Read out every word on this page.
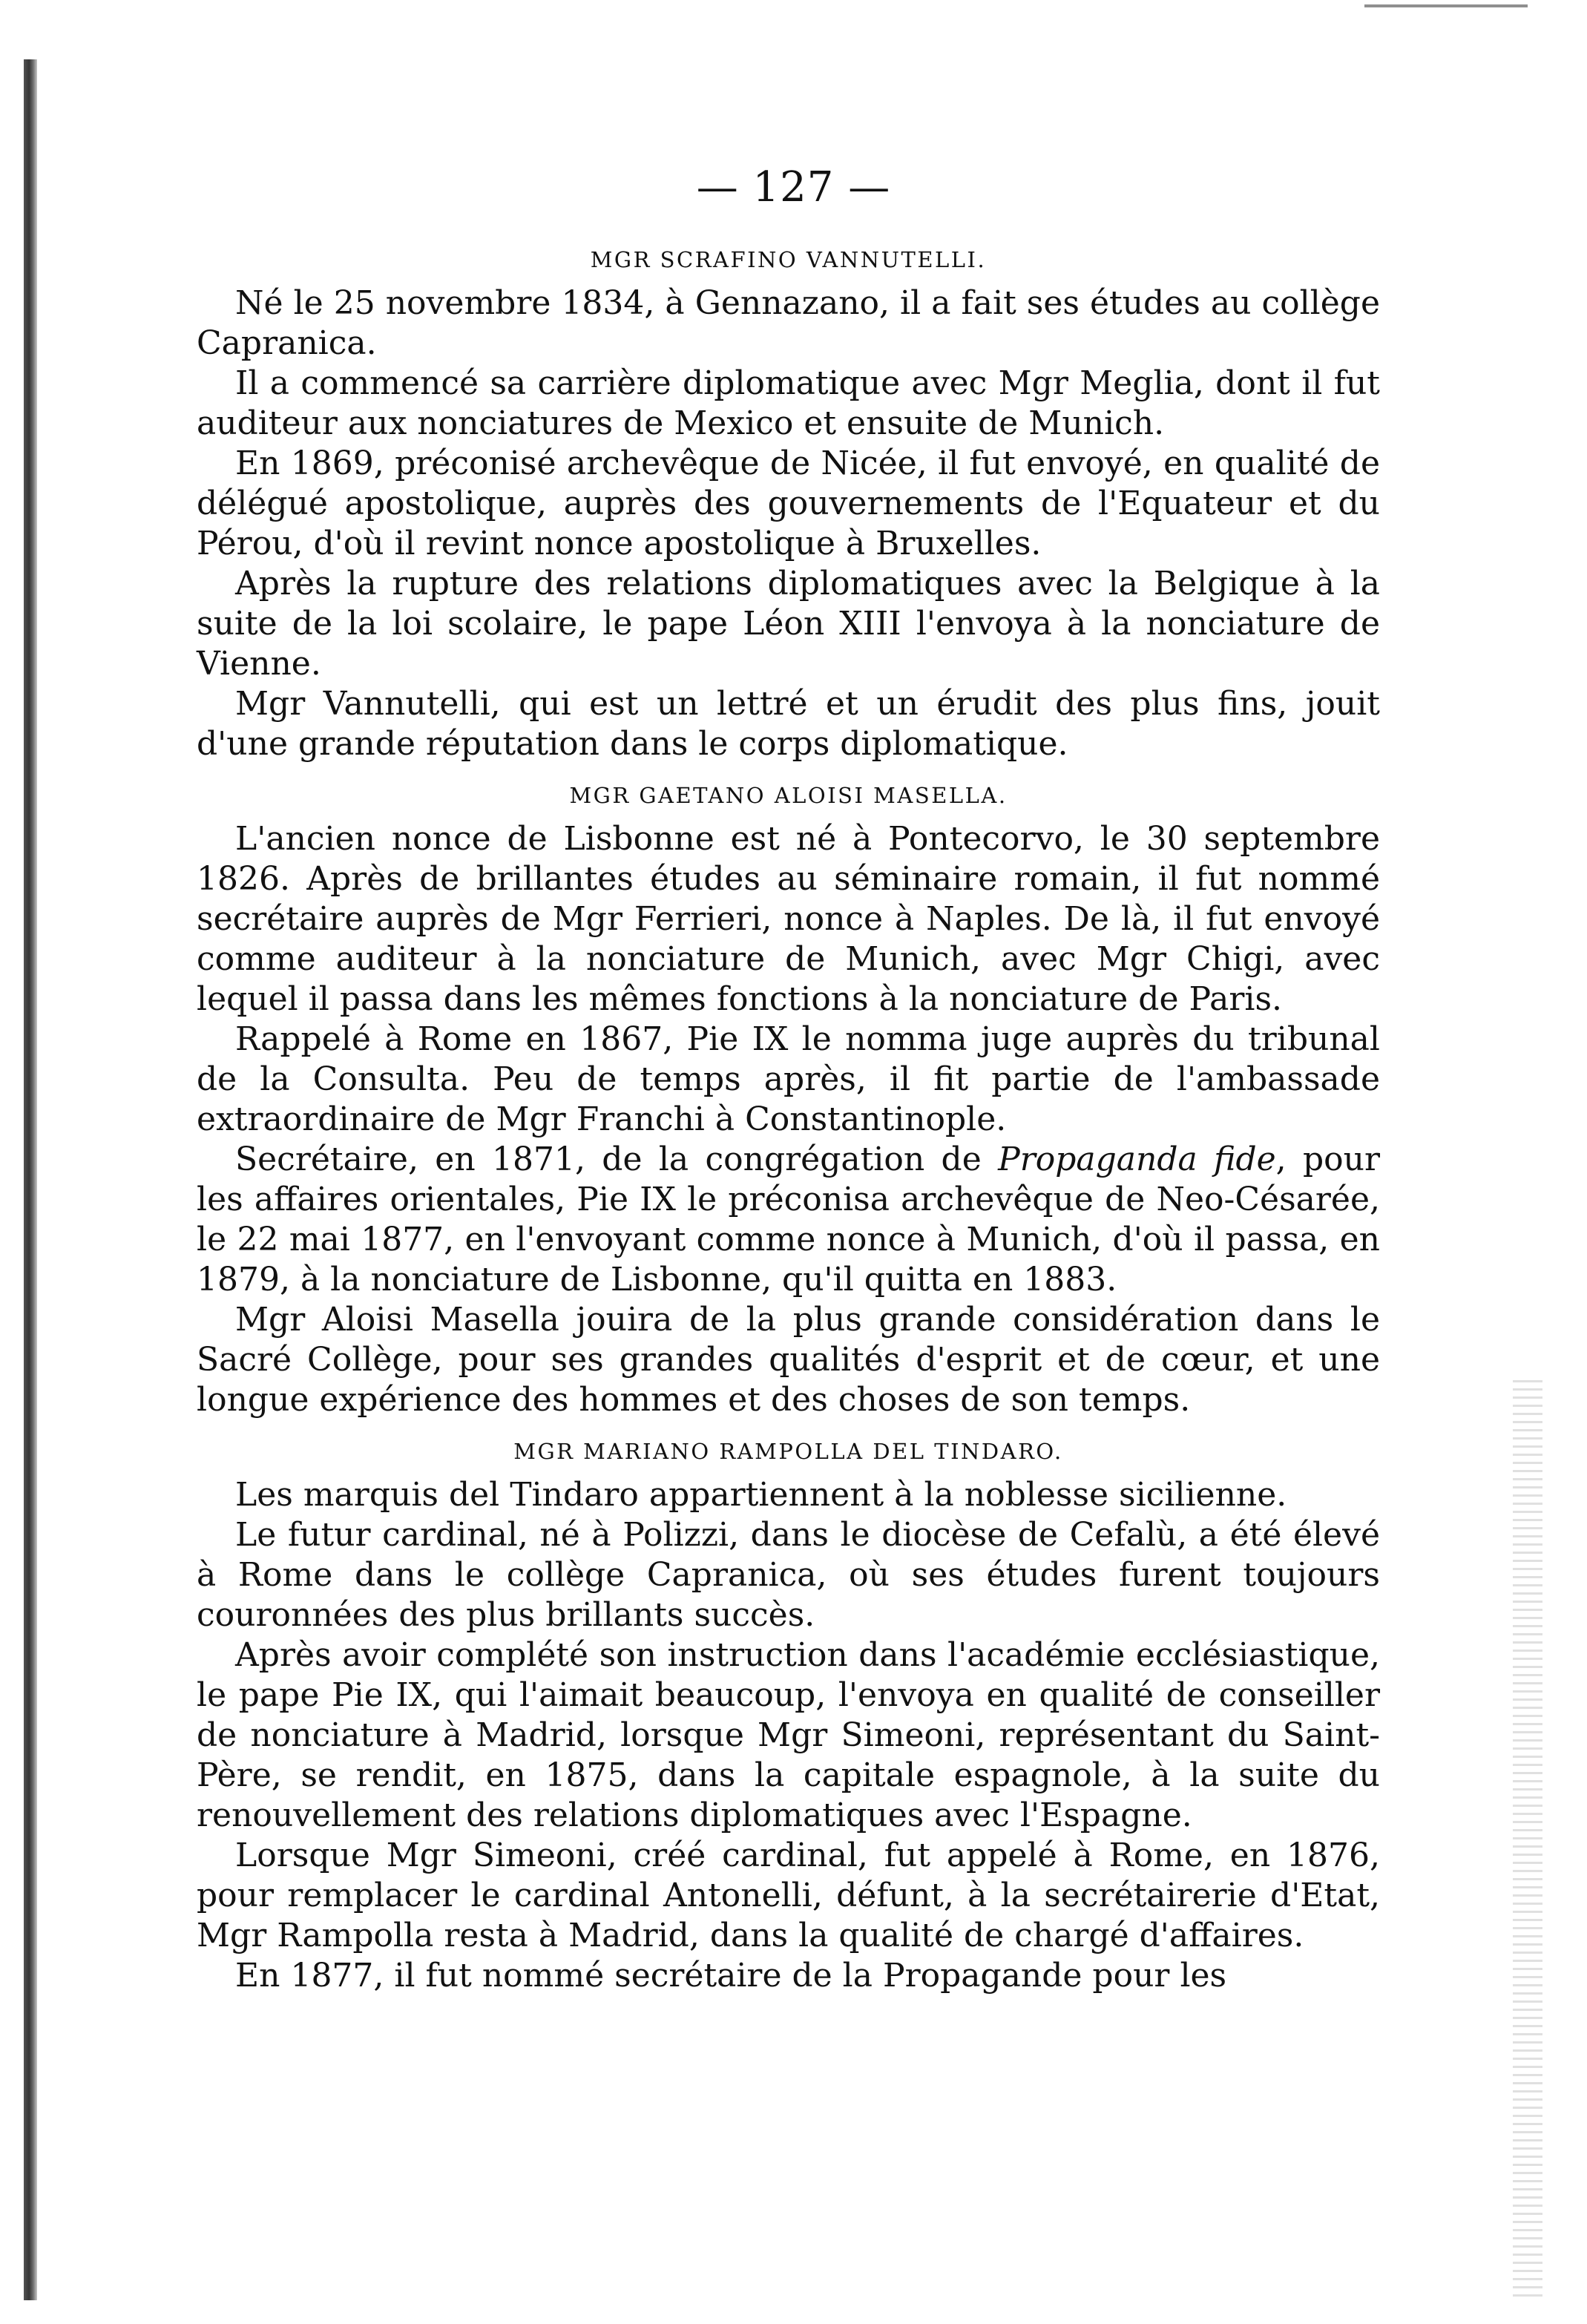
— 127 —
MGR SCRAFINO VANNUTELLI.

Né le 25 novembre 1834, à Gennazano, il a fait ses études au collège Capranica.

Il a commencé sa carrière diplomatique avec Mgr Meglia, dont il fut auditeur aux nonciatures de Mexico et ensuite de Munich.

En 1869, préconisé archevêque de Nicée, il fut envoyé, en qualité de délégué apostolique, auprès des gouvernements de l'Equateur et du Pérou, d'où il revint nonce apostolique à Bruxelles.

Après la rupture des relations diplomatiques avec la Belgique à la suite de la loi scolaire, le pape Léon XIII l'envoya à la nonciature de Vienne.

Mgr Vannutelli, qui est un lettré et un érudit des plus fins, jouit d'une grande réputation dans le corps diplomatique.

MGR GAETANO ALOISI MASELLA.

L'ancien nonce de Lisbonne est né à Pontecorvo, le 30 septembre 1826. Après de brillantes études au séminaire romain, il fut nommé secrétaire auprès de Mgr Ferrieri, nonce à Naples. De là, il fut envoyé comme auditeur à la nonciature de Munich, avec Mgr Chigi, avec lequel il passa dans les mêmes fonctions à la nonciature de Paris.

Rappelé à Rome en 1867, Pie IX le nomma juge auprès du tribunal de la Consulta. Peu de temps après, il fit partie de l'ambassade extraordinaire de Mgr Franchi à Constantinople.

Secrétaire, en 1871, de la congrégation de Propaganda fide, pour les affaires orientales, Pie IX le préconisa archevêque de Neo-Césarée, le 22 mai 1877, en l'envoyant comme nonce à Munich, d'où il passa, en 1879, à la nonciature de Lisbonne, qu'il quitta en 1883.

Mgr Aloisi Masella jouira de la plus grande considération dans le Sacré Collège, pour ses grandes qualités d'esprit et de cœur, et une longue expérience des hommes et des choses de son temps.

MGR MARIANO RAMPOLLA DEL TINDARO.

Les marquis del Tindaro appartiennent à la noblesse sicilienne.

Le futur cardinal, né à Polizzi, dans le diocèse de Cefalù, a été élevé à Rome dans le collège Capranica, où ses études furent toujours couronnées des plus brillants succès.

Après avoir complété son instruction dans l'académie ecclésiastique, le pape Pie IX, qui l'aimait beaucoup, l'envoya en qualité de conseiller de nonciature à Madrid, lorsque Mgr Simeoni, représentant du Saint-Père, se rendit, en 1875, dans la capitale espagnole, à la suite du renouvellement des relations diplomatiques avec l'Espagne.

Lorsque Mgr Simeoni, créé cardinal, fut appelé à Rome, en 1876, pour remplacer le cardinal Antonelli, défunt, à la secrétairerie d'Etat, Mgr Rampolla resta à Madrid, dans la qualité de chargé d'affaires.

En 1877, il fut nommé secrétaire de la Propagande pour les
